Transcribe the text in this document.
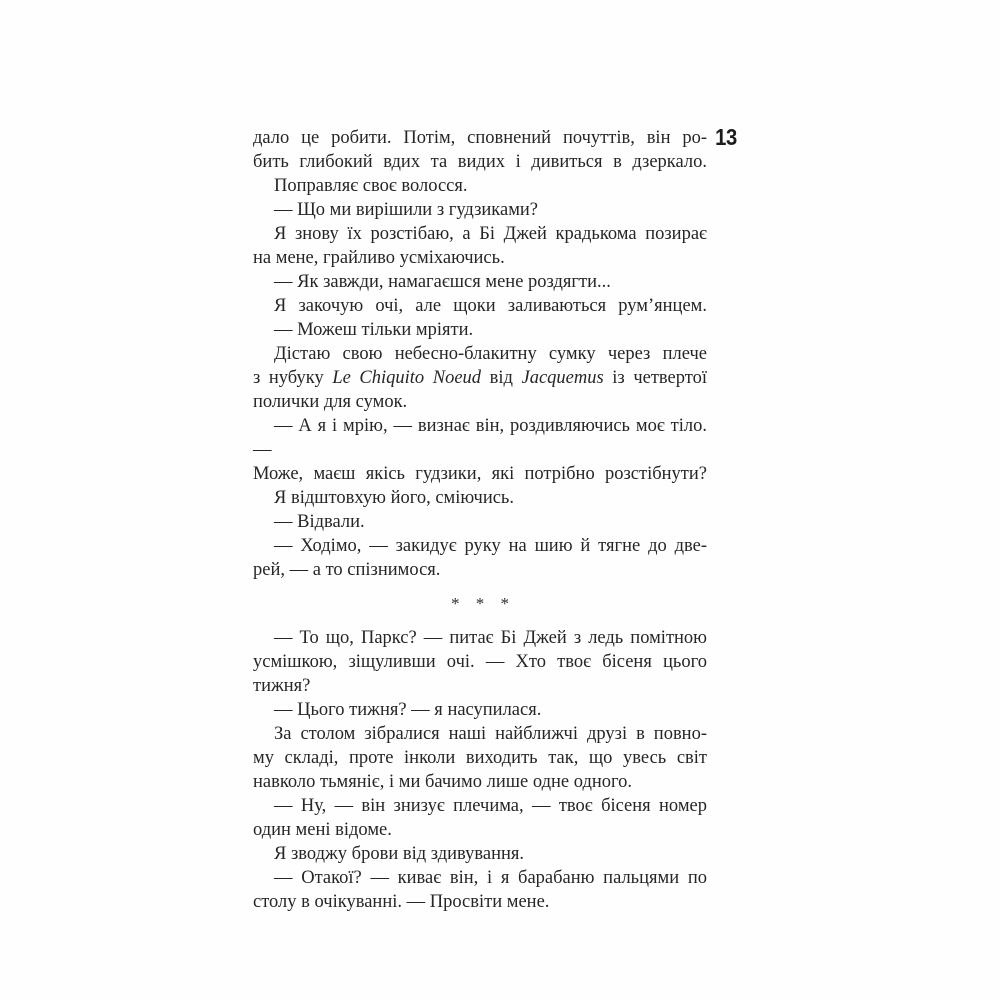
13
дало це робити. Потім, сповнений почуттів, він ро-
бить глибокий вдих та видих і дивиться в дзеркало.
Поправляє своє волосся.
— Що ми вирішили з гудзиками?
Я знову їх розстібаю, а Бі Джей крадькома позирає
на мене, грайливо усміхаючись.
— Як завжди, намагаєшся мене роздягти...
Я закочую очі, але щоки заливаються рум’янцем.
— Можеш тільки мріяти.
Дістаю свою небесно-блакитну сумку через плече
з нубуку Le Chiquito Noeud від Jacquemus із четвертої
полички для сумок.
— А я і мрію, — визнає він, роздивляючись моє тіло. —
Може, маєш якісь гудзики, які потрібно розстібнути?
Я відштовхую його, сміючись.
— Відвали.
— Ходімо, — закидує руку на шию й тягне до две-
рей, — а то спізнимося.
* * *
— То що, Паркс? — питає Бі Джей з ледь помітною
усмішкою, зіщуливши очі. — Хто твоє бісеня цього
тижня?
— Цього тижня? — я насупилася.
За столом зібралися наші найближчі друзі в повно-
му складі, проте інколи виходить так, що увесь світ
навколо тьмяніє, і ми бачимо лише одне одного.
— Ну, — він знизує плечима, — твоє бісеня номер
один мені відоме.
Я зводжу брови від здивування.
— Отакої? — киває він, і я барабаню пальцями по
столу в очікуванні. — Просвіти мене.
